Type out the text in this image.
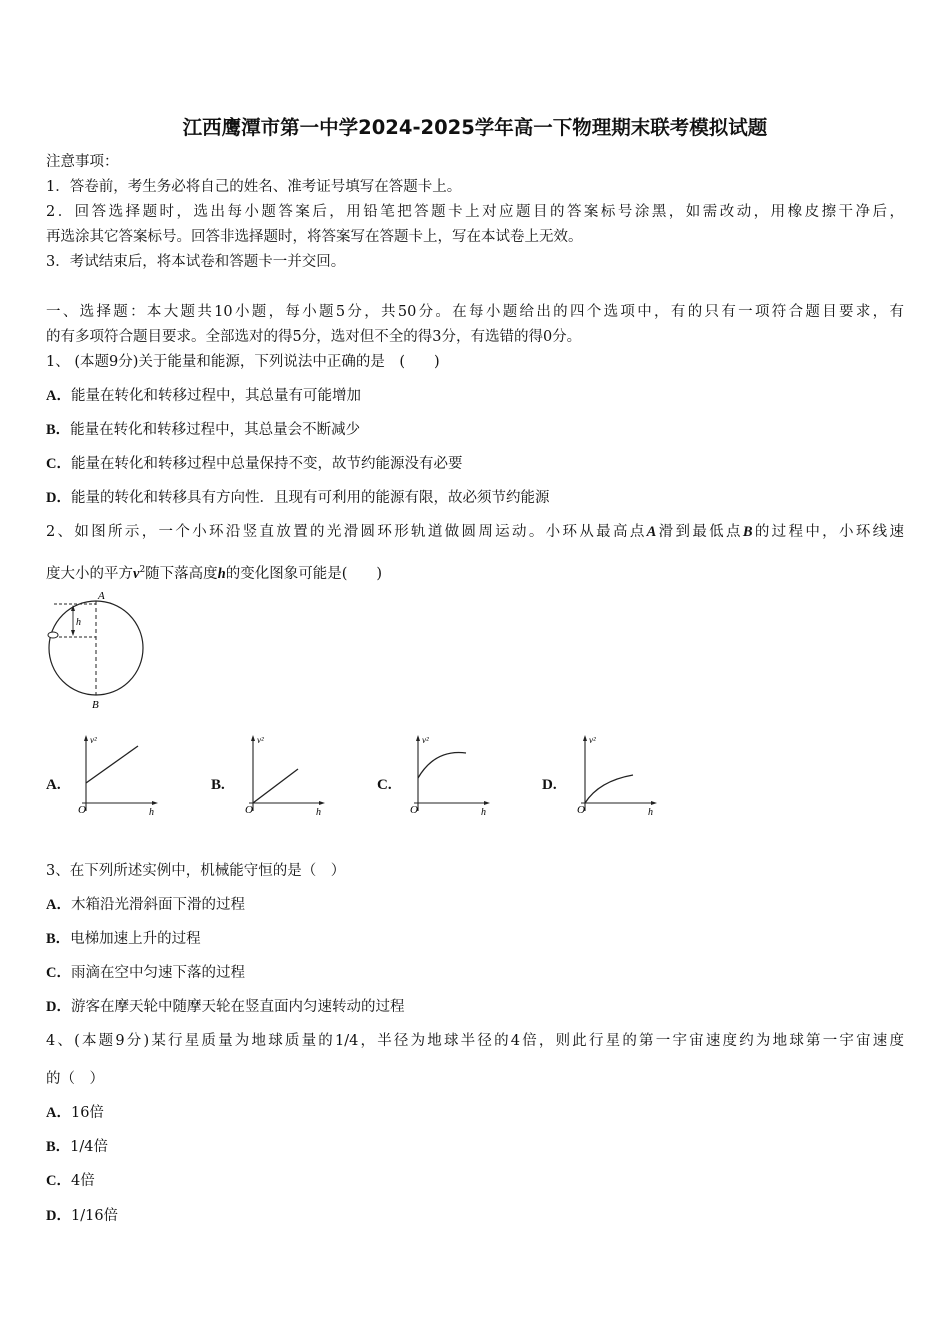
江西鹰潭市第一中学2024-2025学年高一下物理期末联考模拟试题
注意事项：
1．答卷前，考生务必将自己的姓名、准考证号填写在答题卡上。
2．回答选择题时，选出每小题答案后，用铅笔把答题卡上对应题目的答案标号涂黑，如需改动，用橡皮擦干净后，
再选涂其它答案标号。回答非选择题时，将答案写在答题卡上，写在本试卷上无效。
3．考试结束后，将本试卷和答题卡一并交回。
一、选择题：本大题共10小题，每小题5分，共50分。在每小题给出的四个选项中，有的只有一项符合题目要求，有
的有多项符合题目要求。全部选对的得5分，选对但不全的得3分，有选错的得0分。
1、 (本题9分)关于能量和能源，下列说法中正确的是　(　　)
A．能量在转化和转移过程中，其总量有可能增加
B．能量在转化和转移过程中，其总量会不断减少
C．能量在转化和转移过程中总量保持不变，故节约能源没有必要
D．能量的转化和转移具有方向性．且现有可利用的能源有限，故必须节约能源
2、如图所示，一个小环沿竖直放置的光滑圆环形轨道做圆周运动。小环从最高点A滑到最低点B的过程中，小环线速
度大小的平方$v^2$随下落高度h的变化图象可能是(　　)
A
B
h
A.
v²
O	h
B.
v²
O	h
C.
v²
O	h
D.
v²
O	h
3、在下列所述实例中，机械能守恒的是（　）
A．木箱沿光滑斜面下滑的过程
B．电梯加速上升的过程
C．雨滴在空中匀速下落的过程
D．游客在摩天轮中随摩天轮在竖直面内匀速转动的过程
4、(本题9分)某行星质量为地球质量的1/4，半径为地球半径的4倍，则此行星的第一宇宙速度约为地球第一宇宙速度
的（　）
A．16倍
B．1/4倍
C．4倍
D．1/16倍
